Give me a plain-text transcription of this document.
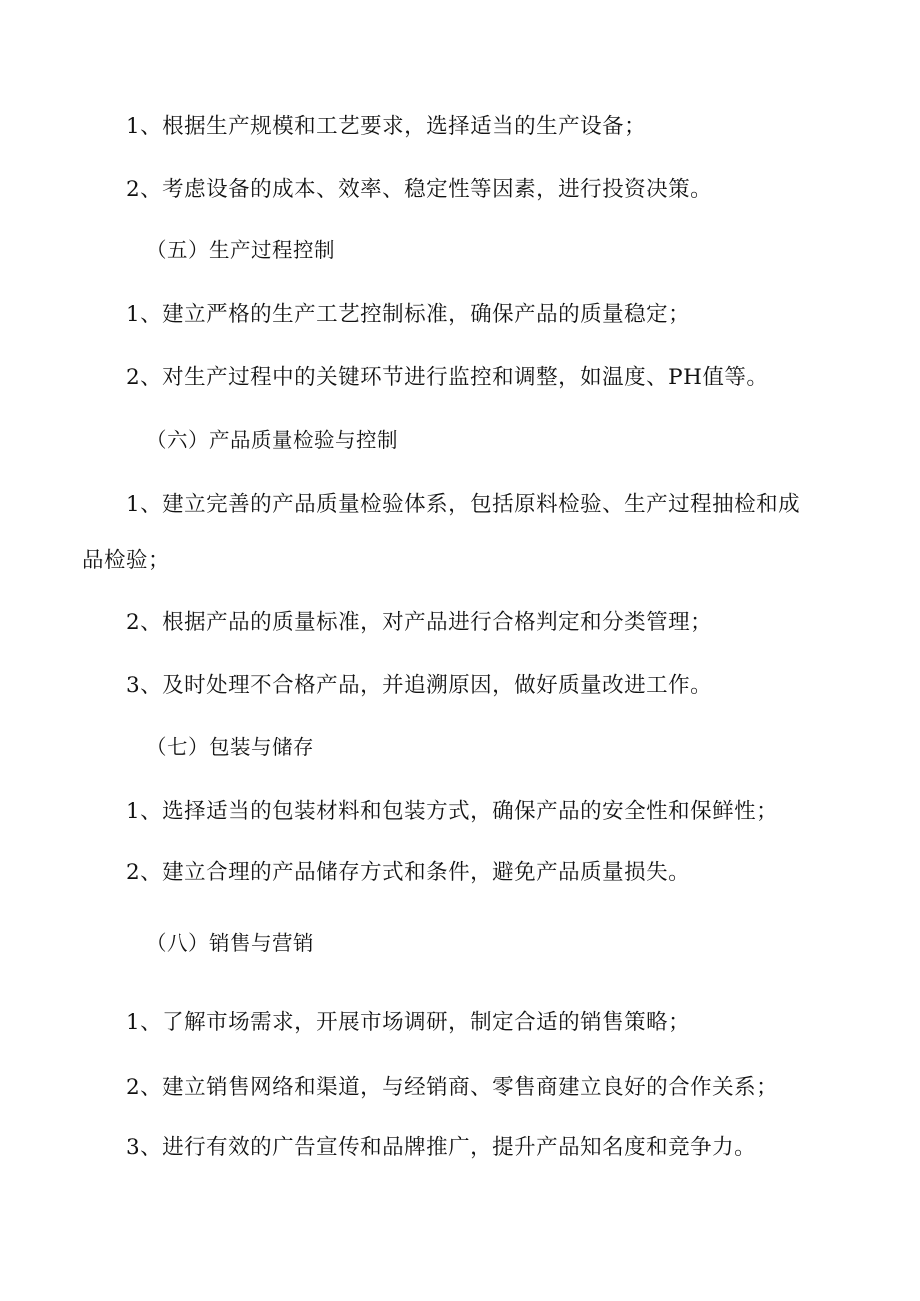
1、根据生产规模和工艺要求，选择适当的生产设备；
2、考虑设备的成本、效率、稳定性等因素，进行投资决策。
（五）生产过程控制
1、建立严格的生产工艺控制标准，确保产品的质量稳定；
2、对生产过程中的关键环节进行监控和调整，如温度、PH值等。
（六）产品质量检验与控制
1、建立完善的产品质量检验体系，包括原料检验、生产过程抽检和成
品检验；
2、根据产品的质量标准，对产品进行合格判定和分类管理；
3、及时处理不合格产品，并追溯原因，做好质量改进工作。
（七）包装与储存
1、选择适当的包装材料和包装方式，确保产品的安全性和保鲜性；
2、建立合理的产品储存方式和条件，避免产品质量损失。
（八）销售与营销
1、了解市场需求，开展市场调研，制定合适的销售策略；
2、建立销售网络和渠道，与经销商、零售商建立良好的合作关系；
3、进行有效的广告宣传和品牌推广，提升产品知名度和竞争力。
